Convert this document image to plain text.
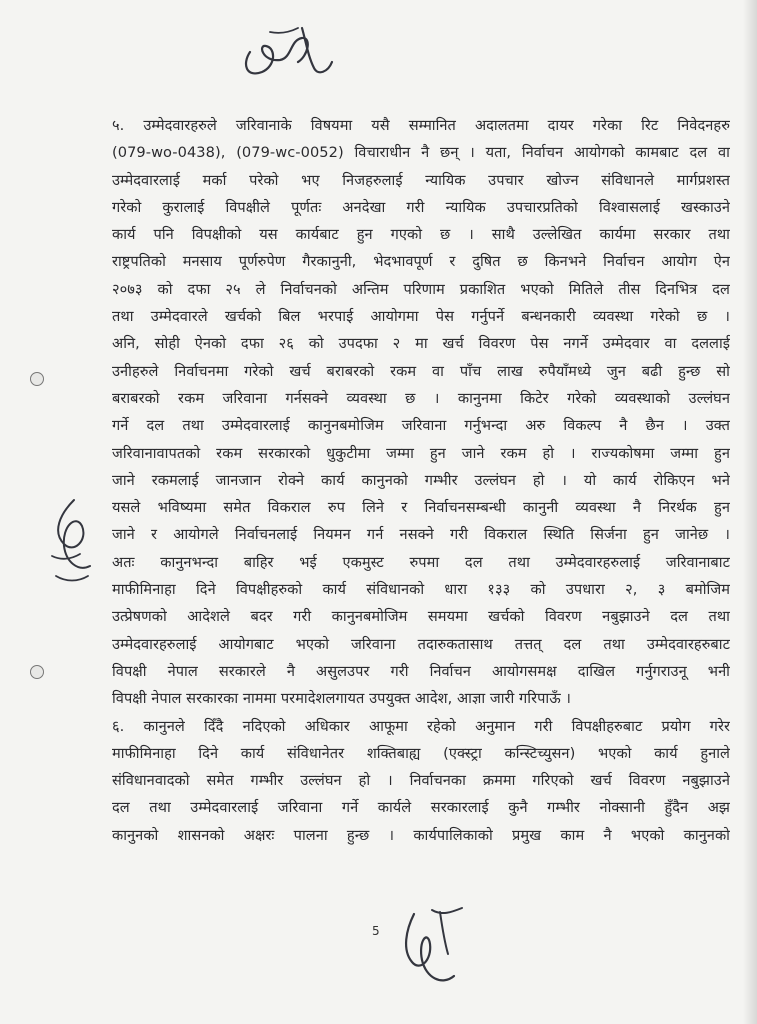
५. उम्मेदवारहरुले जरिवानाके विषयमा यसै सम्मानित अदालतमा दायर गरेका रिट निवेदनहरु
(079-wo-0438), (079-wc-0052) विचाराधीन नै छन् । यता, निर्वाचन आयोगको कामबाट दल वा
उम्मेदवारलाई मर्का परेको भए निजहरुलाई न्यायिक उपचार खोज्न संविधानले मार्गप्रशस्त
गरेको कुरालाई विपक्षीले पूर्णतः अनदेखा गरी न्यायिक उपचारप्रतिको विश्वासलाई खस्काउने
कार्य पनि विपक्षीको यस कार्यबाट हुन गएको छ । साथै उल्लेखित कार्यमा सरकार तथा
राष्ट्रपतिको मनसाय पूर्णरुपेण गैरकानुनी, भेदभावपूर्ण र दुषित छ किनभने निर्वाचन आयोग ऐन
२०७३ को दफा २५ ले निर्वाचनको अन्तिम परिणाम प्रकाशित भएको मितिले तीस दिनभित्र दल
तथा उम्मेदवारले खर्चको बिल भरपाई आयोगमा पेस गर्नुपर्ने बन्धनकारी व्यवस्था गरेको छ ।
अनि, सोही ऐनको दफा २६ को उपदफा २ मा खर्च विवरण पेस नगर्ने उम्मेदवार वा दललाई
उनीहरुले निर्वाचनमा गरेको खर्च बराबरको रकम वा पाँच लाख रुपैयाँमध्ये जुन बढी हुन्छ सो
बराबरको रकम जरिवाना गर्नसक्ने व्यवस्था छ । कानुनमा किटेर गरेको व्यवस्थाको उल्लंघन
गर्ने दल तथा उम्मेदवारलाई कानुनबमोजिम जरिवाना गर्नुभन्दा अरु विकल्प नै छैन । उक्त
जरिवानावापतको रकम सरकारको धुकुटीमा जम्मा हुन जाने रकम हो । राज्यकोषमा जम्मा हुन
जाने रकमलाई जानजान रोक्ने कार्य कानुनको गम्भीर उल्लंघन हो । यो कार्य रोकिएन भने
यसले भविष्यमा समेत विकराल रुप लिने र निर्वाचनसम्बन्धी कानुनी व्यवस्था नै निरर्थक हुन
जाने र आयोगले निर्वाचनलाई नियमन गर्न नसक्ने गरी विकराल स्थिति सिर्जना हुन जानेछ ।
अतः कानुनभन्दा बाहिर भई एकमुस्ट रुपमा दल तथा उम्मेदवारहरुलाई जरिवानाबाट
माफीमिनाहा दिने विपक्षीहरुको कार्य संविधानको धारा १३३ को उपधारा २, ३ बमोजिम
उत्प्रेषणको आदेशले बदर गरी कानुनबमोजिम समयमा खर्चको विवरण नबुझाउने दल तथा
उम्मेदवारहरुलाई आयोगबाट भएको जरिवाना तदारुकतासाथ तत्तत् दल तथा उम्मेदवारहरुबाट
विपक्षी नेपाल सरकारले नै असुलउपर गरी निर्वाचन आयोगसमक्ष दाखिल गर्नुगराउनू भनी
विपक्षी नेपाल सरकारका नाममा परमादेशलगायत उपयुक्त आदेश, आज्ञा जारी गरिपाऊँ ।
६. कानुनले दिँदै नदिएको अधिकार आफूमा रहेको अनुमान गरी विपक्षीहरुबाट प्रयोग गरेर
माफीमिनाहा दिने कार्य संविधानेतर शक्तिबाह्य (एक्स्ट्रा कन्स्टिच्युसन) भएको कार्य हुनाले
संविधानवादको समेत गम्भीर उल्लंघन हो । निर्वाचनका क्रममा गरिएको खर्च विवरण नबुझाउने
दल तथा उम्मेदवारलाई जरिवाना गर्ने कार्यले सरकारलाई कुनै गम्भीर नोक्सानी हुँदैन अझ
कानुनको शासनको अक्षरः पालना हुन्छ । कार्यपालिकाको प्रमुख काम नै भएको कानुनको
5
